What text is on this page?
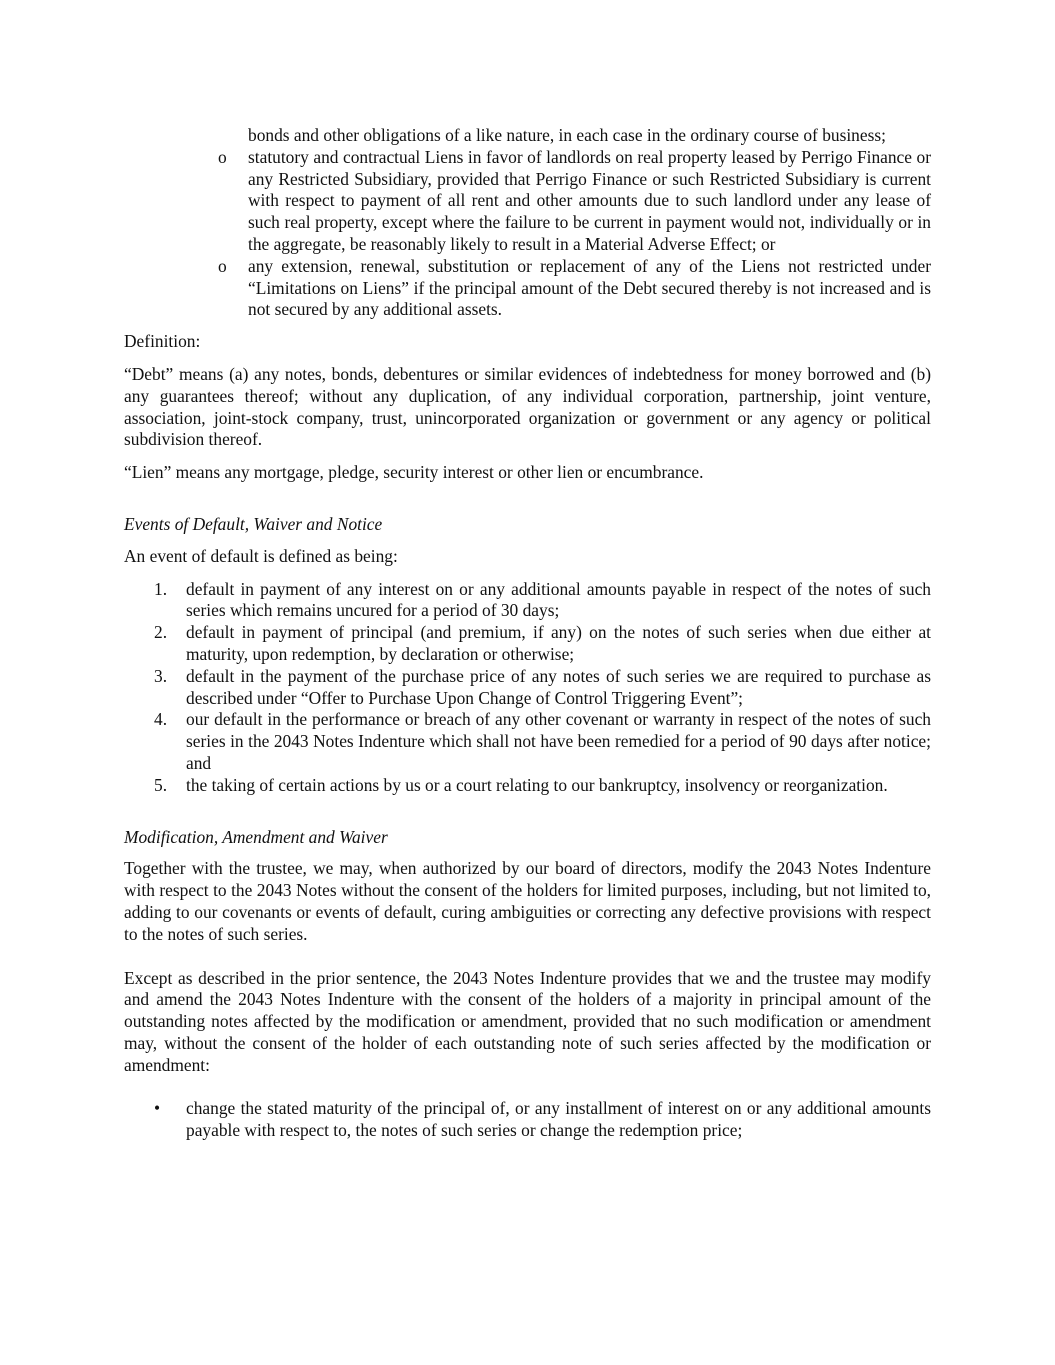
bonds and other obligations of a like nature, in each case in the ordinary course of business;
o statutory and contractual Liens in favor of landlords on real property leased by Perrigo Finance or any Restricted Subsidiary, provided that Perrigo Finance or such Restricted Subsidiary is current with respect to payment of all rent and other amounts due to such landlord under any lease of such real property, except where the failure to be current in payment would not, individually or in the aggregate, be reasonably likely to result in a Material Adverse Effect; or
o any extension, renewal, substitution or replacement of any of the Liens not restricted under “Limitations on Liens” if the principal amount of the Debt secured thereby is not increased and is not secured by any additional assets.

Definition:

“Debt” means (a) any notes, bonds, debentures or similar evidences of indebtedness for money borrowed and (b) any guarantees thereof; without any duplication, of any individual corporation, partnership, joint venture, association, joint-stock company, trust, unincorporated organization or government or any agency or political subdivision thereof.

“Lien” means any mortgage, pledge, security interest or other lien or encumbrance.

Events of Default, Waiver and Notice

An event of default is defined as being:

1. default in payment of any interest on or any additional amounts payable in respect of the notes of such series which remains uncured for a period of 30 days;
2. default in payment of principal (and premium, if any) on the notes of such series when due either at maturity, upon redemption, by declaration or otherwise;
3. default in the payment of the purchase price of any notes of such series we are required to purchase as described under “Offer to Purchase Upon Change of Control Triggering Event”;
4. our default in the performance or breach of any other covenant or warranty in respect of the notes of such series in the 2043 Notes Indenture which shall not have been remedied for a period of 90 days after notice; and
5. the taking of certain actions by us or a court relating to our bankruptcy, insolvency or reorganization.

Modification, Amendment and Waiver

Together with the trustee, we may, when authorized by our board of directors, modify the 2043 Notes Indenture with respect to the 2043 Notes without the consent of the holders for limited purposes, including, but not limited to, adding to our covenants or events of default, curing ambiguities or correcting any defective provisions with respect to the notes of such series.

Except as described in the prior sentence, the 2043 Notes Indenture provides that we and the trustee may modify and amend the 2043 Notes Indenture with the consent of the holders of a majority in principal amount of the outstanding notes affected by the modification or amendment, provided that no such modification or amendment may, without the consent of the holder of each outstanding note of such series affected by the modification or amendment:

• change the stated maturity of the principal of, or any installment of interest on or any additional amounts payable with respect to, the notes of such series or change the redemption price;
